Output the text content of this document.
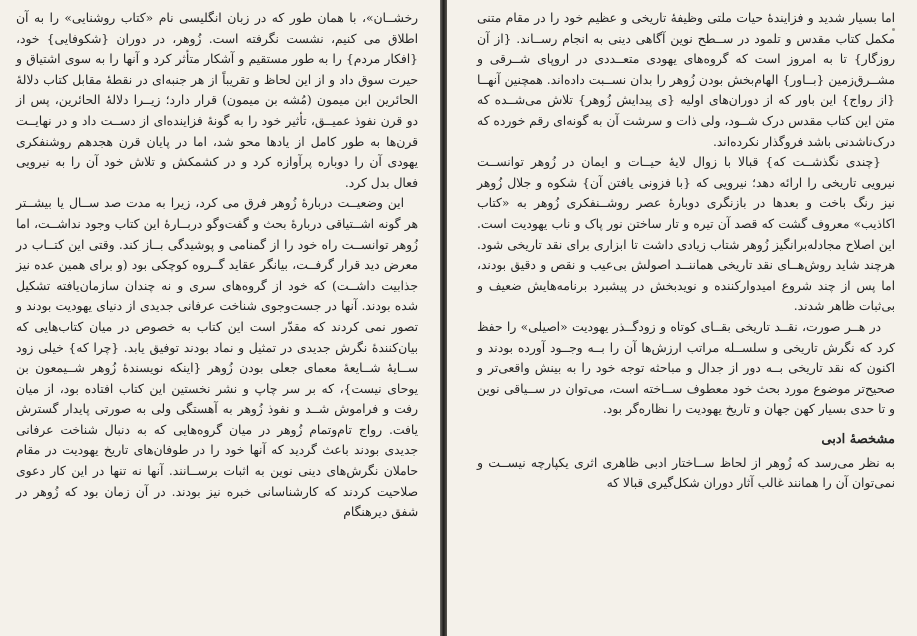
رخشــان»، با همان طور که در زبان انگلیسی نام «کتاب روشنایی» را به آن اطلاق می کنیم، نشست نگرفته است. زُوهر، در دوران {شکوفایی} خود، {افکار مردم} را به طور مستقیم و آشکار متأثر کرد و آنها را به سوی اشتیاق و حیرت سوق داد و از این لحاظ و تقریباً از هر جنبه‌ای در نقطهٔ مقابل کتاب دلالهٔ الحائرین ابن میمون (مُشه بن میمون) قرار دارد؛ زیــرا دلالهٔ الحائرین، پس از دو قرن نفوذ عمیــق، تأثیر خود را به گونهٔ فزاینده‌ای از دســت داد و در نهایــت قرن‌ها به طور کامل از یادها محو شد، اما در پایان قرن هجدهم روشنفکری یهودی آن را دوباره پرآوازه کرد و در کشمکش و تلاش خود آن را به نیرویی فعال بدل کرد.

این وضعیــت دربارهٔ زُوهر فرق می کرد، زیرا به مدت صد ســال یا بیشــتر هر گونه اشــتیاقی دربارهٔ بحث و گفت‌وگو دربــارهٔ این کتاب وجود نداشــت، اما زُوهر توانســت راه خود را از گمنامی و پوشیدگی بــاز کند. وقتی این کتــاب در معرض دید قرار گرفــت، بیانگر عقاید گــروه کوچکی بود (و برای همین عده نیز جذابیت داشــت) که خود از گروه‌های سری و نه چندان سازمان‌یافته تشکیل شده بودند. آنها در جست‌وجوی شناخت عرفانی جدیدی از دنیای یهودیت بودند و تصور نمی کردند که مقدّر است این کتاب به خصوص در میان کتاب‌هایی که بیان‌کنندهٔ نگرش جدیدی در تمثیل و نماد بودند توفیق یابد. {چرا که} خیلی زود ســایهٔ شــایعهٔ معمای جعلی بودن زُوهر {اینکه نویسندهٔ زُوهر شــیمعون بن یوحای نیست}، که بر سر چاپ و نشر نخستین این کتاب افتاده بود، از میان رفت و فراموش شــد و نفوذ زُوهر به آهستگی ولی به صورتی پایدار گسترش یافت. رواج تام‌وتمام زُوهر در میان گروه‌هایی که به دنبال شناخت عرفانی جدیدی بودند باعث گردید که آنها خود را در طوفان‌های تاریخ یهودیت در مقام حاملان نگرش‌های دینی نوین به اثبات برســانند. آنها نه تنها در این کار دعوی صلاحیت کردند که کارشناسانی خبره نیز بودند. در آن زمان بود که زُوهر در شفق دیرهنگام

اما بسیار شدید و فزایندهٔ حیات ملتی وظیفهٔ تاریخی و عظیم خود را در مقام متنی مکمل کتاب مقدس و تلمود در ســطح نوین آگاهی دینی به انجام رســاند. {از آن روزگار} تا به امروز است که گروه‌های یهودی متعــددی در اروپای شــرقی و مشــرق‌زمین {بــاور} الهام‌بخش بودن زُوهر را بدان نســبت داده‌اند. همچنین آنهــا {از رواج} این باور که از دوران‌های اولیه {ی پیدایش زُوهر} تلاش می‌شــده که متن این کتاب مقدس درک شــود، ولی ذات و سرشت آن به گونه‌ای رقم خورده که درک‌ناشدنی باشد فروگذار نکرده‌اند.

{چندی نگذشــت که} قبالا با زوال لایهٔ حیــات و ایمان در زُوهر توانســت نیرویی تاریخی را ارائه دهد؛ نیرویی که {با فزونی یافتن آن} شکوه و جلال زُوهر نیز رنگ باخت و بعدها در بازنگری دوبارهٔ عصر روشــنفکری زُوهر به «کتاب اکاذیب» معروف گشت که قصد آن تیره و تار ساختن نور پاک و ناب یهودیت است. این اصلاح مجادله‌برانگیز زُوهر شتاب زیادی داشت تا ابزاری برای نقد تاریخی شود. هرچند شاید روش‌هــای نقد تاریخی هماننــد اصولش بی‌عیب و نقص و دقیق بودند، اما پس از چند شروع امیدوارکننده و نویدبخش در پیشبرد برنامه‌هایش ضعیف و بی‌ثبات ظاهر شدند.

در هــر صورت، نقــد تاریخی بقــای کوتاه و زودگــذر یهودیت «اصیلی» را حفظ کرد که نگرش تاریخی و سلســله مراتب ارزش‌ها آن را بــه وجــود آورده بودند و اکنون که نقد تاریخی بــه دور از جدال و مباحثه توجه خود را به بینش واقعی‌تر و صحیح‌تر موضوع مورد بحث خود معطوف ســاخته است، می‌توان در ســیاقی نوین و تا حدی بسیار کهن جهان و تاریخ یهودیت را نظاره‌گر بود.

مشخصهٔ ادبی

به نظر می‌رسد که زُوهر از لحاظ ســاختار ادبی ظاهری اثری یکپارچه نیســت و نمی‌توان آن را همانند غالب آثار دوران شکل‌گیری قبالا که
